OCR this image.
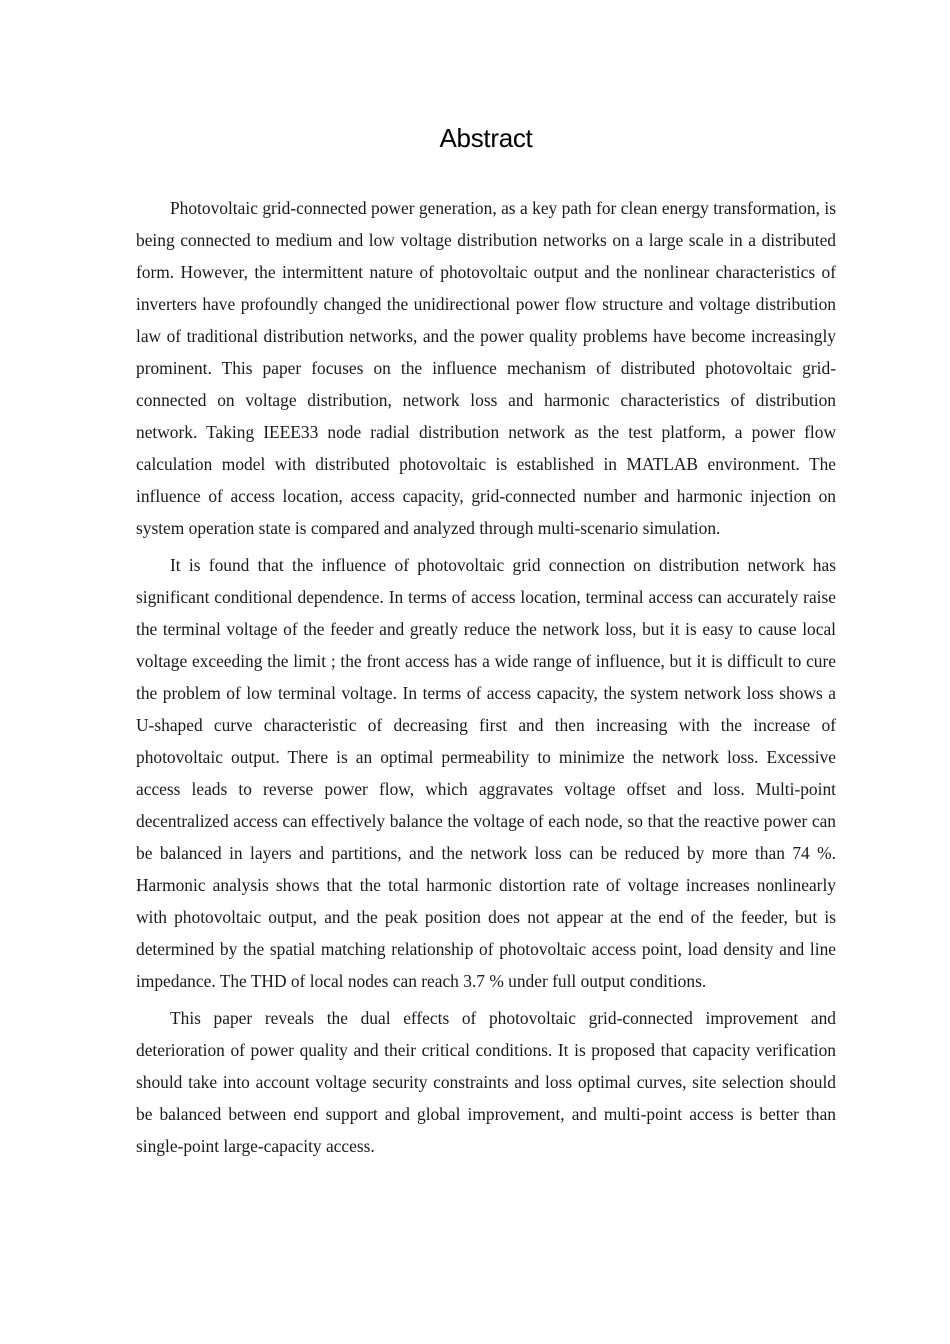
Abstract

Photovoltaic grid-connected power generation, as a key path for clean energy transformation, is being connected to medium and low voltage distribution networks on a large scale in a distributed form. However, the intermittent nature of photovoltaic output and the nonlinear characteristics of inverters have profoundly changed the unidirectional power flow structure and voltage distribution law of traditional distribution networks, and the power quality problems have become increasingly prominent. This paper focuses on the influence mechanism of distributed photovoltaic grid-connected on voltage distribution, network loss and harmonic characteristics of distribution network. Taking IEEE33 node radial distribution network as the test platform, a power flow calculation model with distributed photovoltaic is established in MATLAB environment. The influence of access location, access capacity, grid-connected number and harmonic injection on system operation state is compared and analyzed through multi-scenario simulation.

It is found that the influence of photovoltaic grid connection on distribution network has significant conditional dependence. In terms of access location, terminal access can accurately raise the terminal voltage of the feeder and greatly reduce the network loss, but it is easy to cause local voltage exceeding the limit ; the front access has a wide range of influence, but it is difficult to cure the problem of low terminal voltage. In terms of access capacity, the system network loss shows a U-shaped curve characteristic of decreasing first and then increasing with the increase of photovoltaic output. There is an optimal permeability to minimize the network loss. Excessive access leads to reverse power flow, which aggravates voltage offset and loss. Multi-point decentralized access can effectively balance the voltage of each node, so that the reactive power can be balanced in layers and partitions, and the network loss can be reduced by more than 74 %. Harmonic analysis shows that the total harmonic distortion rate of voltage increases nonlinearly with photovoltaic output, and the peak position does not appear at the end of the feeder, but is determined by the spatial matching relationship of photovoltaic access point, load density and line impedance. The THD of local nodes can reach 3.7 % under full output conditions.

This paper reveals the dual effects of photovoltaic grid-connected improvement and deterioration of power quality and their critical conditions. It is proposed that capacity verification should take into account voltage security constraints and loss optimal curves, site selection should be balanced between end support and global improvement, and multi-point access is better than single-point large-capacity access.
